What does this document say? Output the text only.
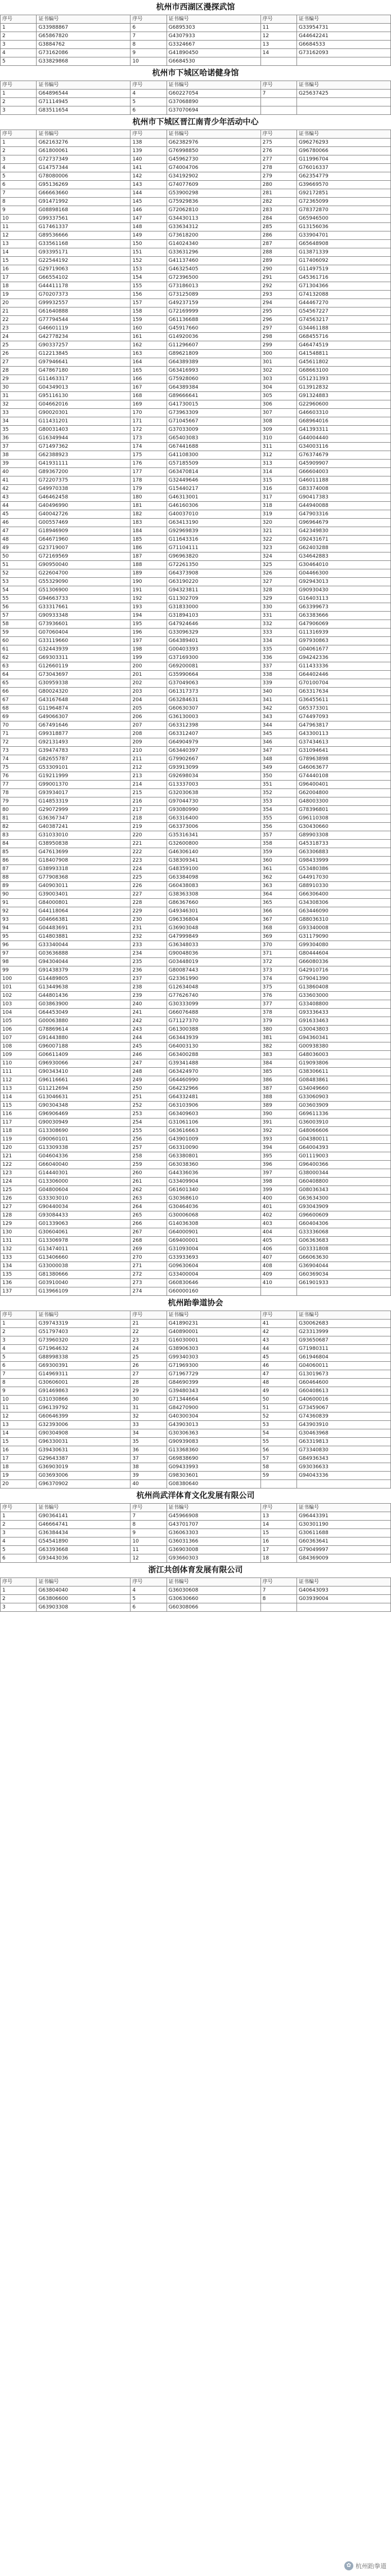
杭州市西湖区漫探武馆
序号	证书编号	序号	证书编号	序号	证书编号
1	G33988867	6	G6895303	11	G33954731
2	G65867820	7	G4307933	12	G44642241
3	G3884762	8	G3324667	13	G6684533
4	G73162086	9	G41890450	14	G73162093
5	G33829868	10	G6684530		
杭州市下城区哈诺健身馆
序号	证书编号	序号	证书编号	序号	证书编号
1	G64896544	4	G60227054	7	G25637425
2	G71114945	5	G37068890		
3	G83511654	6	G37070694		
杭州市下城区晋江南青少年活动中心
序号	证书编号	序号	证书编号	序号	证书编号
1	G62163276	138	G62382976	275	G96276293
2	G61800061	139	G76998850	276	G96780066
3	G72737349	140	G45962730	277	G11996704
4	G14757344	141	G74004706	278	G76016337
5	G78080006	142	G34192902	279	G62354779
6	G95136269	143	G74077609	280	G39669570
7	G66663660	144	G53900298	281	G92172851
8	G91471992	145	G75929836	282	G72365099
9	G08898168	146	G72062810	283	G78372870
10	G99337561	147	G34430113	284	G65946500
11	G17461337	148	G33634312	285	G13156036
12	G89536666	149	G73618200	286	G33904701
13	G33561168	150	G14024340	287	G65648908
14	G93395171	151	G33631296	288	G13871339
15	G22544192	152	G41137460	289	G17406092
16	G29719063	153	G46325405	290	G11497519
17	G66554102	154	G72396500	291	G45361716
18	G44411178	155	G73186013	292	G71304366
19	G70207373	156	G73125089	293	G74132088
20	G99932557	157	G49237159	294	G44467270
21	G61640888	158	G72169999	295	G54567227
22	G77794544	159	G61136688	296	G74563217
23	G46601119	160	G45917660	297	G34461188
24	G42778234	161	G14920036	298	G68455716
25	G90337257	162	G11296607	299	G46474519
26	G12213845	163	G89621809	300	G41548811
27	G97946641	164	G64389389	301	G45611802
28	G47867180	165	G63416993	302	G68663100
29	G11463317	166	G75928060	303	G51231393
30	G04349013	167	G64389384	304	G13912832
31	G95116130	168	G89666641	305	G91324883
32	G04662016	169	G41730015	306	G22960600
33	G90020301	170	G73963309	307	G46603310
34	G11431201	171	G71045667	308	G68964016
35	G80031403	172	G37033009	309	G41393311
36	G16349944	173	G65403083	310	G44004440
37	G71497362	174	G67441688	311	G34003116
38	G62388923	175	G41108300	312	G76374679
39	G41931111	176	G57185509	313	G45909907
40	G89367200	177	G63470814	314	G66604003
41	G72207375	178	G32449646	315	G46011188
42	G49970338	179	G15440217	316	G83374008
43	G46462458	180	G46313001	317	G90417383
44	G40496990	181	G46160306	318	G44940088
45	G40042726	182	G40037010	319	G47903316
46	G00557469	183	G63413190	320	G96964679
47	G18946909	184	G92969839	321	G42349830
48	G64671960	185	G11643316	322	G92431671
49	G23719007	186	G71104111	323	G62403288
50	G72169569	187	G96963820	324	G34642883
51	G90950040	188	G72261350	325	G30464010
52	G22604700	189	G64373908	326	G04466300
53	G55329090	190	G63190220	327	G92943013
54	G51306900	191	G94323811	328	G90930430
55	G94663733	192	G11302709	329	G16403113
56	G33317661	193	G31833000	330	G63399673
57	G90933348	194	G31894103	331	G63383666
58	G73936601	195	G47924646	332	G47906069
59	G07060404	196	G33096329	333	G11316939
60	G33119660	197	G64389401	334	G97930863
61	G32443939	198	G00403393	335	G04061677
62	G69303311	199	G37169300	336	G94242336
63	G12660119	200	G69200081	337	G11433336
64	G73043697	201	G35990664	338	G64402446
65	G30959338	202	G37049063	339	G70100704
66	G80024320	203	G61317373	340	G63317634
67	G43167648	204	G63284631	341	G36455611
68	G11964874	205	G60630307	342	G65373301
69	G49066307	206	G36130003	343	G74497093
70	G67491646	207	G63312398	344	G47963817
71	G99318877	208	G63312407	345	G43300113
72	G92131493	209	G64904979	346	G37434613
73	G39474783	210	G63440397	347	G31094641
74	G82655787	211	G79902667	348	G78963898
75	G53309101	212	G93913099	349	G46063677
76	G19211999	213	G92698034	350	G74440108
77	G99001370	214	G13337003	351	G96400401
78	G93934017	215	G32030638	352	G62004800
79	G14853319	216	G97044730	353	G48003300
80	G29072999	217	G93080990	354	G78396801
81	G36367347	218	G63316400	355	G96110308
82	G40387241	219	G63373006	356	G30430660
83	G31033010	220	G35316341	357	G89903308
84	G38950838	221	G32600800	358	G45318733
85	G47613699	222	G46306140	359	G63306883
86	G18407908	223	G38309341	360	G98433999
87	G38993318	224	G48359100	361	G53480386
88	G77908368	225	G63384098	362	G44917030
89	G40903011	226	G60438083	363	G88910330
90	G39003401	227	G38363308	364	G66306400
91	G84000801	228	G86367660	365	G34308306
92	G44118064	229	G49346301	366	G63446090
93	G04666381	230	G96336804	367	G88036310
94	G04483691	231	G36903048	368	G93340008
95	G14803881	232	G47999849	369	G31179090
96	G33340044	233	G36348033	370	G99304080
97	G03636888	234	G90048036	371	G80444604
98	G94304044	235	G03448019	372	G66080336
99	G91438379	236	G80087443	373	G42910716
100	G14489805	237	G23361990	374	G79041390
101	G13449638	238	G12634048	375	G13860408
102	G44801436	239	G77626740	376	G33603000
103	G03863900	240	G30333099	377	G33408800
104	G64453049	241	G66076488	378	G93336433
105	G00063880	242	G71127370	379	G91633463
106	G78869614	243	G61300388	380	G30043803
107	G91443880	244	G63443939	381	G94360341
108	G96007188	245	G64003130	382	G00938380
109	G06611409	246	G63400288	383	G48036003
110	G96930066	247	G39341488	384	G19093806
111	G90343410	248	G63424970	385	G38306611
112	G96116661	249	G64460990	386	G08483861
113	G11212694	250	G64232966	387	G34049660
114	G13046631	251	G64332481	388	G33060903
115	G90304348	252	G63103906	389	G03603909
116	G96906469	253	G63409603	390	G69611336
117	G90030949	254	G31061106	391	G36003910
118	G13308690	255	G63616663	392	G48066606
119	G90060101	256	G43901009	393	G04380011
120	G13309338	257	G63310090	394	G64004393
121	G04604336	258	G63380801	395	G01119003
122	G66040040	259	G63038360	396	G96400366
123	G14440301	260	G44336036	397	G38000344
124	G13306000	261	G33409904	398	G60408800
125	G04800604	262	G61601340	399	G08036343
126	G33303010	263	G30368610	400	G63634300
127	G90440034	264	G30464036	401	G93043909
128	G93084433	265	G30006068	402	G96600609
129	G01339063	266	G14036308	403	G60404306
130	G30604061	267	G64000901	404	G33336068
131	G13306978	268	G69400001	405	G06363683
132	G13474011	269	G31093004	406	G03331808
133	G13406660	270	G33933693	407	G66063630
134	G33000038	271	G09630604	408	G36904044
135	G81380666	272	G33400004	409	G60369034
136	G03910040	273	G60830646	410	G61901933
137	G13966109	274	G60000160		
杭州跆拳道协会
序号	证书编号	序号	证书编号	序号	证书编号
1	G39743319	21	G41890231	41	G30062683
2	G51797403	22	G40890001	42	G23313999
3	G73960320	23	G16030001	43	G93650687
4	G71964632	24	G38906303	44	G71980311
5	G88998338	25	G99340303	45	G61946804
6	G69300391	26	G71969300	46	G04060011
7	G14969311	27	G71967729	47	G13019673
8	G30606001	28	G84690399	48	G60464600
9	G91469863	29	G39480343	49	G60408613
10	G31030866	30	G71344664	50	G40600016
11	G96139792	31	G84270900	51	G73459067
12	G60646399	32	G40300304	52	G74360839
13	G32393006	33	G43903013	53	G43903910
14	G90304908	34	G30306363	54	G30463968
15	G96330031	35	G90939083	55	G63319813
16	G39430631	36	G13368360	56	G73340830
17	G29643387	37	G69838690	57	G84936343
18	G36903019	38	G09433993	58	G93036633
19	G03693006	39	G98303601	59	G94043336
20	G96370902	40	G08380640		
杭州尚武洋体育文化发展有限公司
序号	证书编号	序号	证书编号	序号	证书编号
1	G90364141	7	G45966908	13	G96443391
2	G46664741	8	G43701707	14	G30301190
3	G36384434	9	G36063303	15	G30611688
4	G54541890	10	G36031366	16	G60363641
5	G63393668	11	G36903008	17	G79049997
6	G93443036	12	G93660303	18	G84369009
浙江共创体育发展有限公司
序号	证书编号	序号	证书编号	序号	证书编号
1	G63804040	4	G36030608	7	G40643093
2	G63806600	5	G30630660	8	G03939004
3	G63903308	6	G60308066		
✿ 杭州跆拳道
